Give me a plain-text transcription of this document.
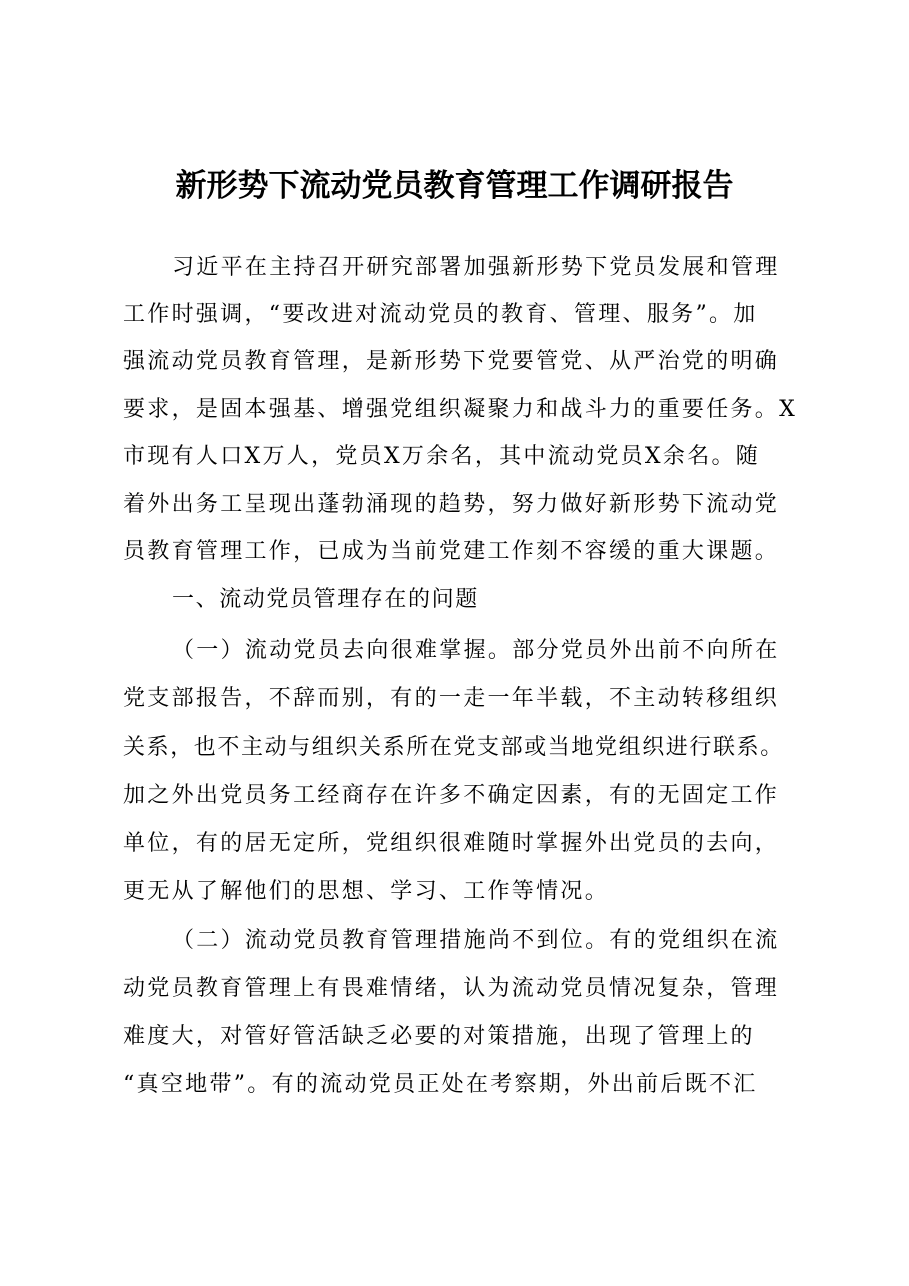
新形势下流动党员教育管理工作调研报告
习近平在主持召开研究部署加强新形势下党员发展和管理
工作时强调，“要改进对流动党员的教育、管理、服务”。加
强流动党员教育管理，是新形势下党要管党、从严治党的明确
要求，是固本强基、增强党组织凝聚力和战斗力的重要任务。X
市现有人口X万人，党员X万余名，其中流动党员X余名。随
着外出务工呈现出蓬勃涌现的趋势，努力做好新形势下流动党
员教育管理工作，已成为当前党建工作刻不容缓的重大课题。
一、流动党员管理存在的问题
（一）流动党员去向很难掌握。部分党员外出前不向所在
党支部报告，不辞而别，有的一走一年半载，不主动转移组织
关系，也不主动与组织关系所在党支部或当地党组织进行联系。
加之外出党员务工经商存在许多不确定因素，有的无固定工作
单位，有的居无定所，党组织很难随时掌握外出党员的去向，
更无从了解他们的思想、学习、工作等情况。
（二）流动党员教育管理措施尚不到位。有的党组织在流
动党员教育管理上有畏难情绪，认为流动党员情况复杂，管理
难度大，对管好管活缺乏必要的对策措施，出现了管理上的
“真空地带”。有的流动党员正处在考察期，外出前后既不汇
